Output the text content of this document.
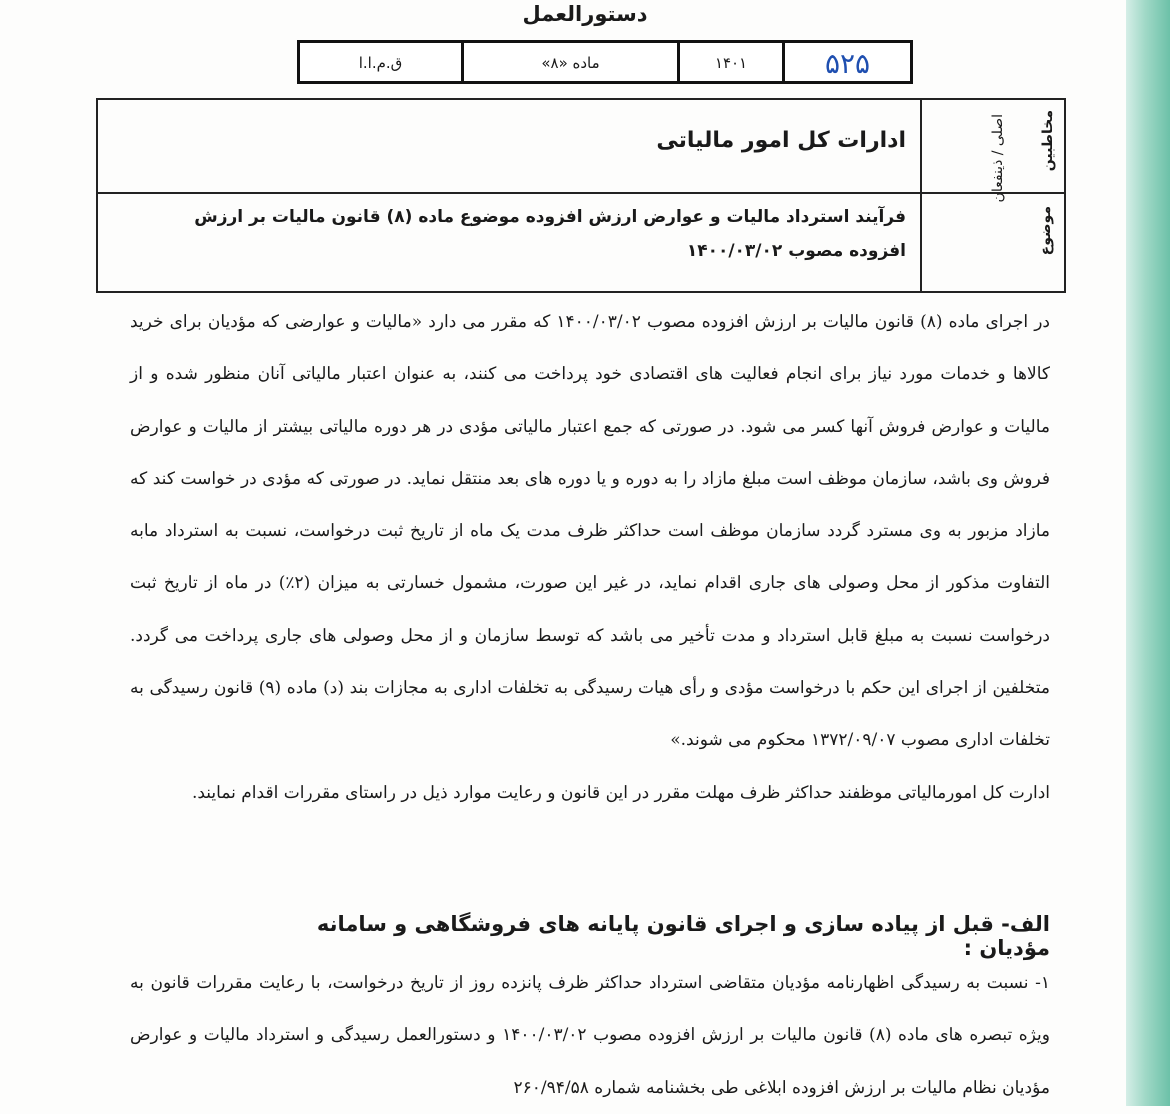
دستورالعمل
۵۲۵
۱۴۰۱
ماده «۸»
ق.م.ا.ا
مخاطبین
اصلی / ذینفعان
ادارات کل امور مالیاتی
موضوع
فرآیند استرداد مالیات و عوارض ارزش افزوده موضوع ماده (۸) قانون مالیات بر ارزش افزوده مصوب ۱۴۰۰/۰۳/۰۲

در اجرای ماده (۸) قانون مالیات بر ارزش افزوده مصوب ۱۴۰۰/۰۳/۰۲ که مقرر می دارد «مالیات و عوارضی که مؤدیان برای خرید کالاها و خدمات مورد نیاز برای انجام فعالیت های اقتصادی خود پرداخت می کنند، به عنوان اعتبار مالیاتی آنان منظور شده و از مالیات و عوارض فروش آنها کسر می شود. در صورتی که جمع اعتبار مالیاتی مؤدی در هر دوره مالیاتی بیشتر از مالیات و عوارض فروش وی باشد، سازمان موظف است مبلغ مازاد را به دوره و یا دوره های بعد منتقل نماید. در صورتی که مؤدی در خواست کند که مازاد مزبور به وی مسترد گردد سازمان موظف است حداکثر ظرف مدت یک ماه از تاریخ ثبت درخواست، نسبت به استرداد مابه التفاوت مذکور از محل وصولی های جاری اقدام نماید، در غیر این صورت، مشمول خسارتی به میزان (۲٪) در ماه از تاریخ ثبت درخواست نسبت به مبلغ قابل استرداد و مدت تأخیر می باشد که توسط سازمان و از محل وصولی های جاری پرداخت می گردد. متخلفین از اجرای این حکم با درخواست مؤدی و رأی هیات رسیدگی به تخلفات اداری به مجازات بند (د) ماده (۹) قانون رسیدگی به تخلفات اداری مصوب ۱۳۷۲/۰۹/۰۷ محکوم می شوند.»

ادارت کل امورمالیاتی موظفند حداکثر ظرف مهلت مقرر در این قانون و رعایت موارد ذیل در راستای مقررات اقدام نمایند.

الف- قبل از پیاده سازی و اجرای قانون پایانه های فروشگاهی و سامانه مؤدیان :
۱- نسبت به رسیدگی اظهارنامه مؤدیان متقاضی استرداد حداکثر ظرف پانزده روز از تاریخ درخواست، با رعایت مقررات قانون به ویژه تبصره های ماده (۸) قانون مالیات بر ارزش افزوده مصوب ۱۴۰۰/۰۳/۰۲ و دستورالعمل رسیدگی و استرداد مالیات و عوارض مؤدیان نظام مالیات بر ارزش افزوده ابلاغی طی بخشنامه شماره ۲۶۰/۹۴/۵۸
